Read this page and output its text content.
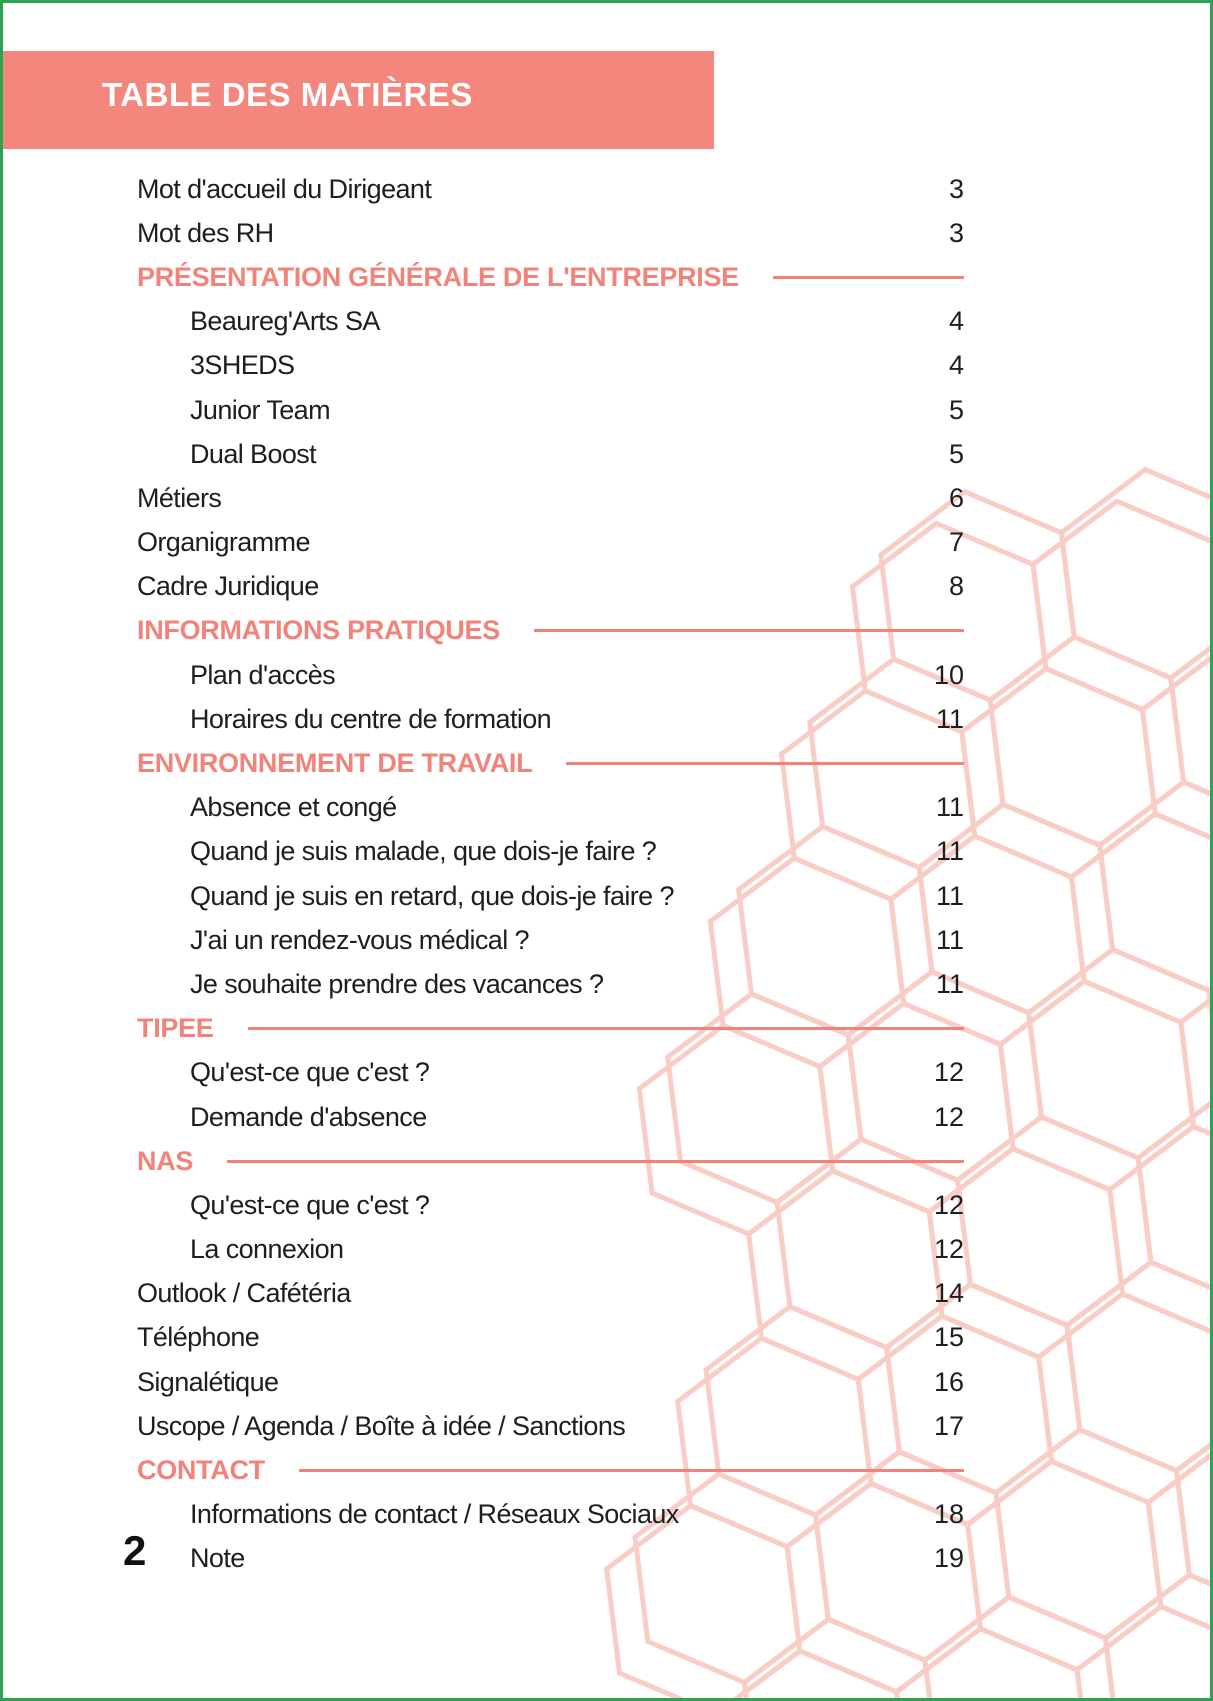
TABLE DES MATIÈRES
Mot d'accueil du Dirigeant	3
Mot des RH	3
PRÉSENTATION GÉNÉRALE DE L'ENTREPRISE
Beaureg'Arts SA	4
3SHEDS	4
Junior Team	5
Dual Boost	5
Métiers	6
Organigramme	7
Cadre Juridique	8
INFORMATIONS PRATIQUES
Plan d'accès	10
Horaires du centre de formation	11
ENVIRONNEMENT DE TRAVAIL
Absence et congé	11
Quand je suis malade, que dois-je faire ?	11
Quand je suis en retard, que dois-je faire ?	11
J'ai un rendez-vous médical ?	11
Je souhaite prendre des vacances ?	11
TIPEE
Qu'est-ce que c'est ?	12
Demande d'absence	12
NAS
Qu'est-ce que c'est ?	12
La connexion	12
Outlook / Cafétéria	14
Téléphone	15
Signalétique	16
Uscope / Agenda / Boîte à idée / Sanctions	17
CONTACT
Informations de contact / Réseaux Sociaux	18
Note	19
2
